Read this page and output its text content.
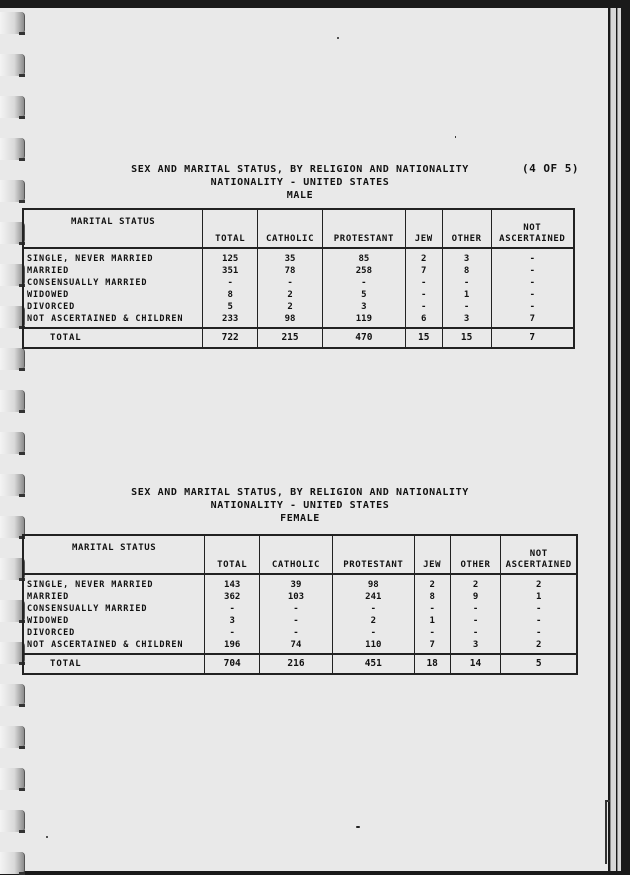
SEX AND MARITAL STATUS, BY RELIGION AND NATIONALITY
NATIONALITY - UNITED STATES
MALE
(4 OF 5)
MARITAL STATUS	TOTAL	CATHOLIC	PROTESTANT	JEW	OTHER	NOT
ASCERTAINED

SINGLE, NEVER MARRIED	125	35	85	2	3	-
MARRIED	351	78	258	7	8	-
CONSENSUALLY MARRIED	-	-	-	-	-	-
WIDOWED	8	2	5	-	1	-
DIVORCED	5	2	3	-	-	-
NOT ASCERTAINED & CHILDREN	233	98	119	6	3	7
TOTAL	722	215	470	15	15	7
SEX AND MARITAL STATUS, BY RELIGION AND NATIONALITY
NATIONALITY - UNITED STATES
FEMALE
MARITAL STATUS	TOTAL	CATHOLIC	PROTESTANT	JEW	OTHER	NOT
ASCERTAINED

SINGLE, NEVER MARRIED	143	39	98	2	2	2
MARRIED	362	103	241	8	9	1
CONSENSUALLY MARRIED	-	-	-	-	-	-
WIDOWED	3	-	2	1	-	-
DIVORCED	-	-	-	-	-	-
NOT ASCERTAINED & CHILDREN	196	74	110	7	3	2
TOTAL	704	216	451	18	14	5
